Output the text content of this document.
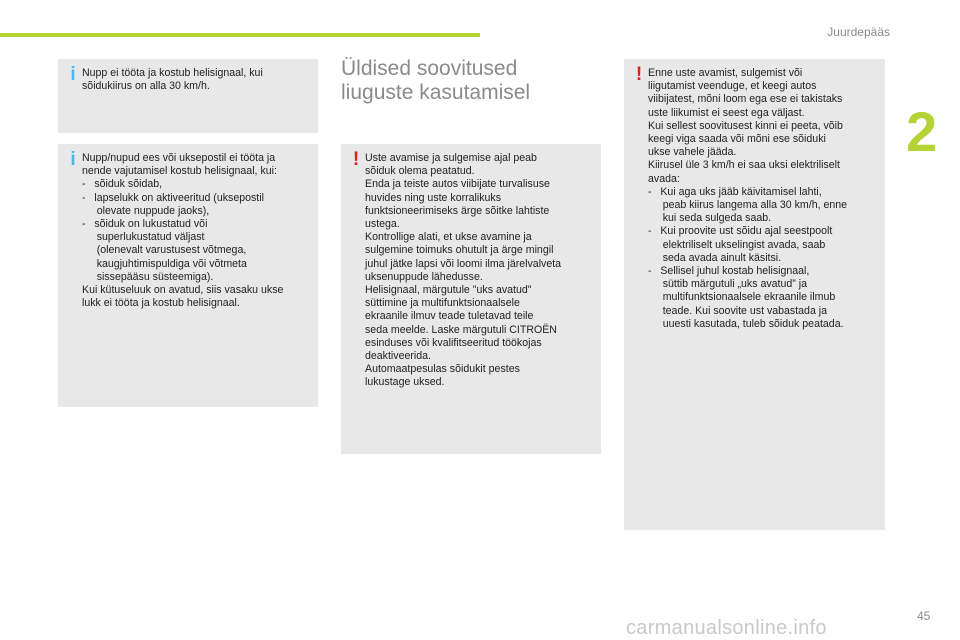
Juurdepääs
2
i Nupp ei tööta ja kostub helisignaal, kui
sõidukiirus on alla 30 km/h.
i Nupp/nupud ees või uksepostil ei tööta ja
nende vajutamisel kostub helisignaal, kui:
-   sõiduk sõidab,
-   lapselukk on aktiveeritud (uksepostil
olevate nuppude jaoks),
-   sõiduk on lukustatud või
superlukustatud väljast
(olenevalt varustusest võtmega,
kaugjuhtimispuldiga või võtmeta
sissepääsu süsteemiga).
Kui kütuseluuk on avatud, siis vasaku ukse
lukk ei tööta ja kostub helisignaal.
Üldised soovitused
liuguste kasutamisel
! Uste avamise ja sulgemise ajal peab
sõiduk olema peatatud.
Enda ja teiste autos viibijate turvalisuse
huvides ning uste korralikuks
funktsioneerimiseks ärge sõitke lahtiste
ustega.
Kontrollige alati, et ukse avamine ja
sulgemine toimuks ohutult ja ärge mingil
juhul jätke lapsi või loomi ilma järelvalveta
uksenuppude lähedusse.
Helisignaal, märgutule "uks avatud"
süttimine ja multifunktsionaalsele
ekraanile ilmuv teade tuletavad teile
seda meelde. Laske märgutuli CITROËN
esinduses või kvalifitseeritud töökojas
deaktiveerida.
Automaatpesulas sõidukit pestes
lukustage uksed.
! Enne uste avamist, sulgemist või
liigutamist veenduge, et keegi autos
viibijatest, mõni loom ega ese ei takistaks
uste liikumist ei seest ega väljast.
Kui sellest soovitusest kinni ei peeta, võib
keegi viga saada või mõni ese sõiduki
ukse vahele jääda.
Kiirusel üle 3 km/h ei saa uksi elektriliselt
avada:
-   Kui aga uks jääb käivitamisel lahti,
peab kiirus langema alla 30 km/h, enne
kui seda sulgeda saab.
-   Kui proovite ust sõidu ajal seestpoolt
elektriliselt ukselingist avada, saab
seda avada ainult käsitsi.
-   Sellisel juhul kostab helisignaal,
süttib märgutuli „uks avatud” ja
multifunktsionaalsele ekraanile ilmub
teade. Kui soovite ust vabastada ja
uuesti kasutada, tuleb sõiduk peatada.
45
carmanualsonline.info
